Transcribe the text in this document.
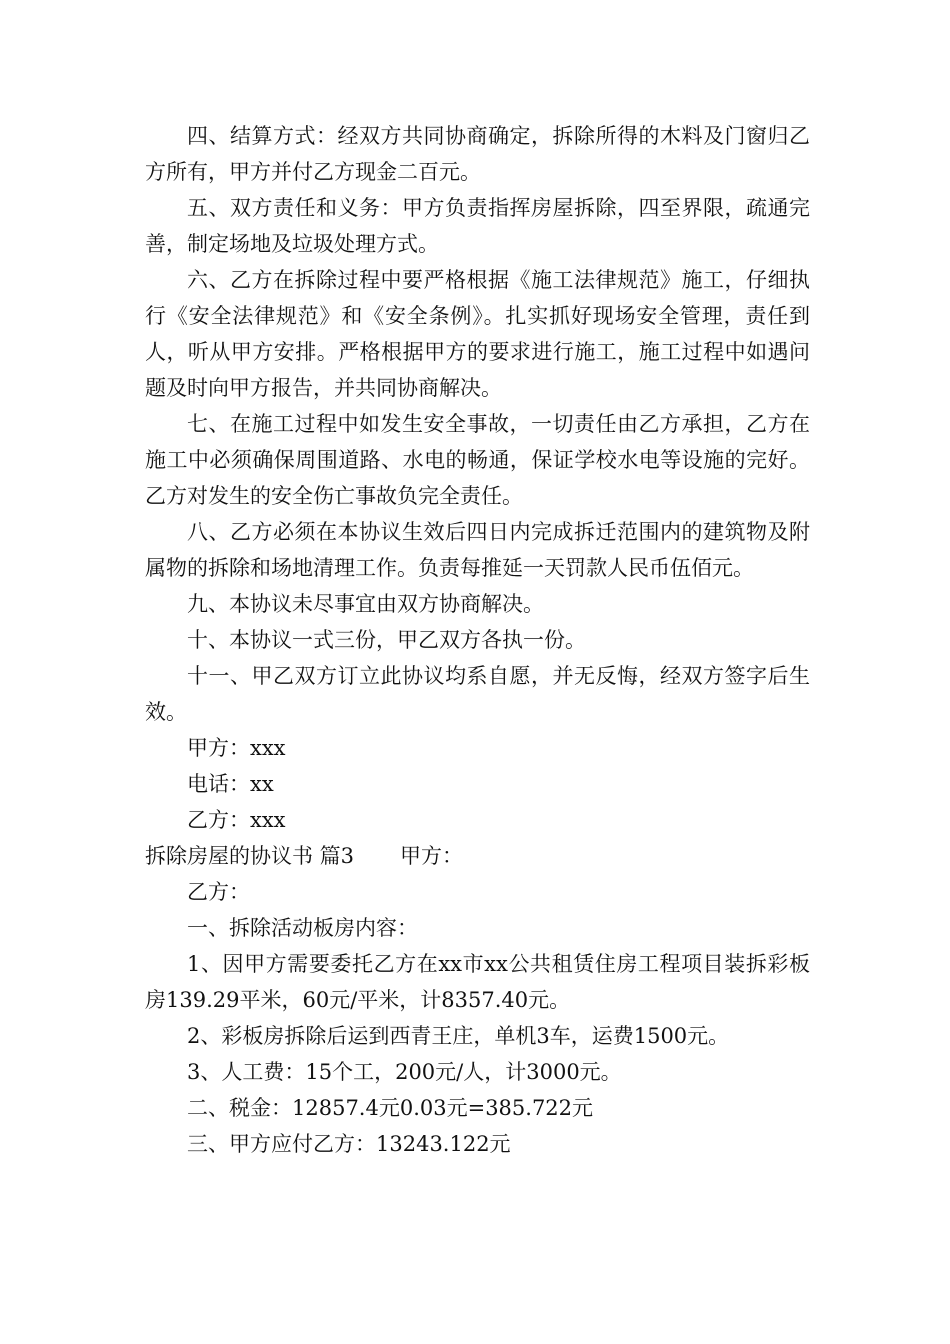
四、结算方式：经双方共同协商确定，拆除所得的木料及门窗归乙方所有，甲方并付乙方现金二百元。

五、双方责任和义务：甲方负责指挥房屋拆除，四至界限，疏通完善，制定场地及垃圾处理方式。

六、乙方在拆除过程中要严格根据《施工法律规范》施工，仔细执行《安全法律规范》和《安全条例》。扎实抓好现场安全管理，责任到人，听从甲方安排。严格根据甲方的要求进行施工，施工过程中如遇问题及时向甲方报告，并共同协商解决。

七、在施工过程中如发生安全事故，一切责任由乙方承担，乙方在施工中必须确保周围道路、水电的畅通，保证学校水电等设施的完好。乙方对发生的安全伤亡事故负完全责任。

八、乙方必须在本协议生效后四日内完成拆迁范围内的建筑物及附属物的拆除和场地清理工作。负责每推延一天罚款人民币伍佰元。

九、本协议未尽事宜由双方协商解决。

十、本协议一式三份，甲乙双方各执一份。

十一、甲乙双方订立此协议均系自愿，并无反悔，经双方签字后生效。

甲方：xxx

电话：xx

乙方：xxx

拆除房屋的协议书 篇3 甲方：

乙方：

一、拆除活动板房内容：

1、因甲方需要委托乙方在xx市xx公共租赁住房工程项目装拆彩板房139.29平米，60元/平米，计8357.40元。

2、彩板房拆除后运到西青王庄，单机3车，运费1500元。

3、人工费：15个工，200元/人，计3000元。

二、税金：12857.4元0.03元=385.722元

三、甲方应付乙方：13243.122元
